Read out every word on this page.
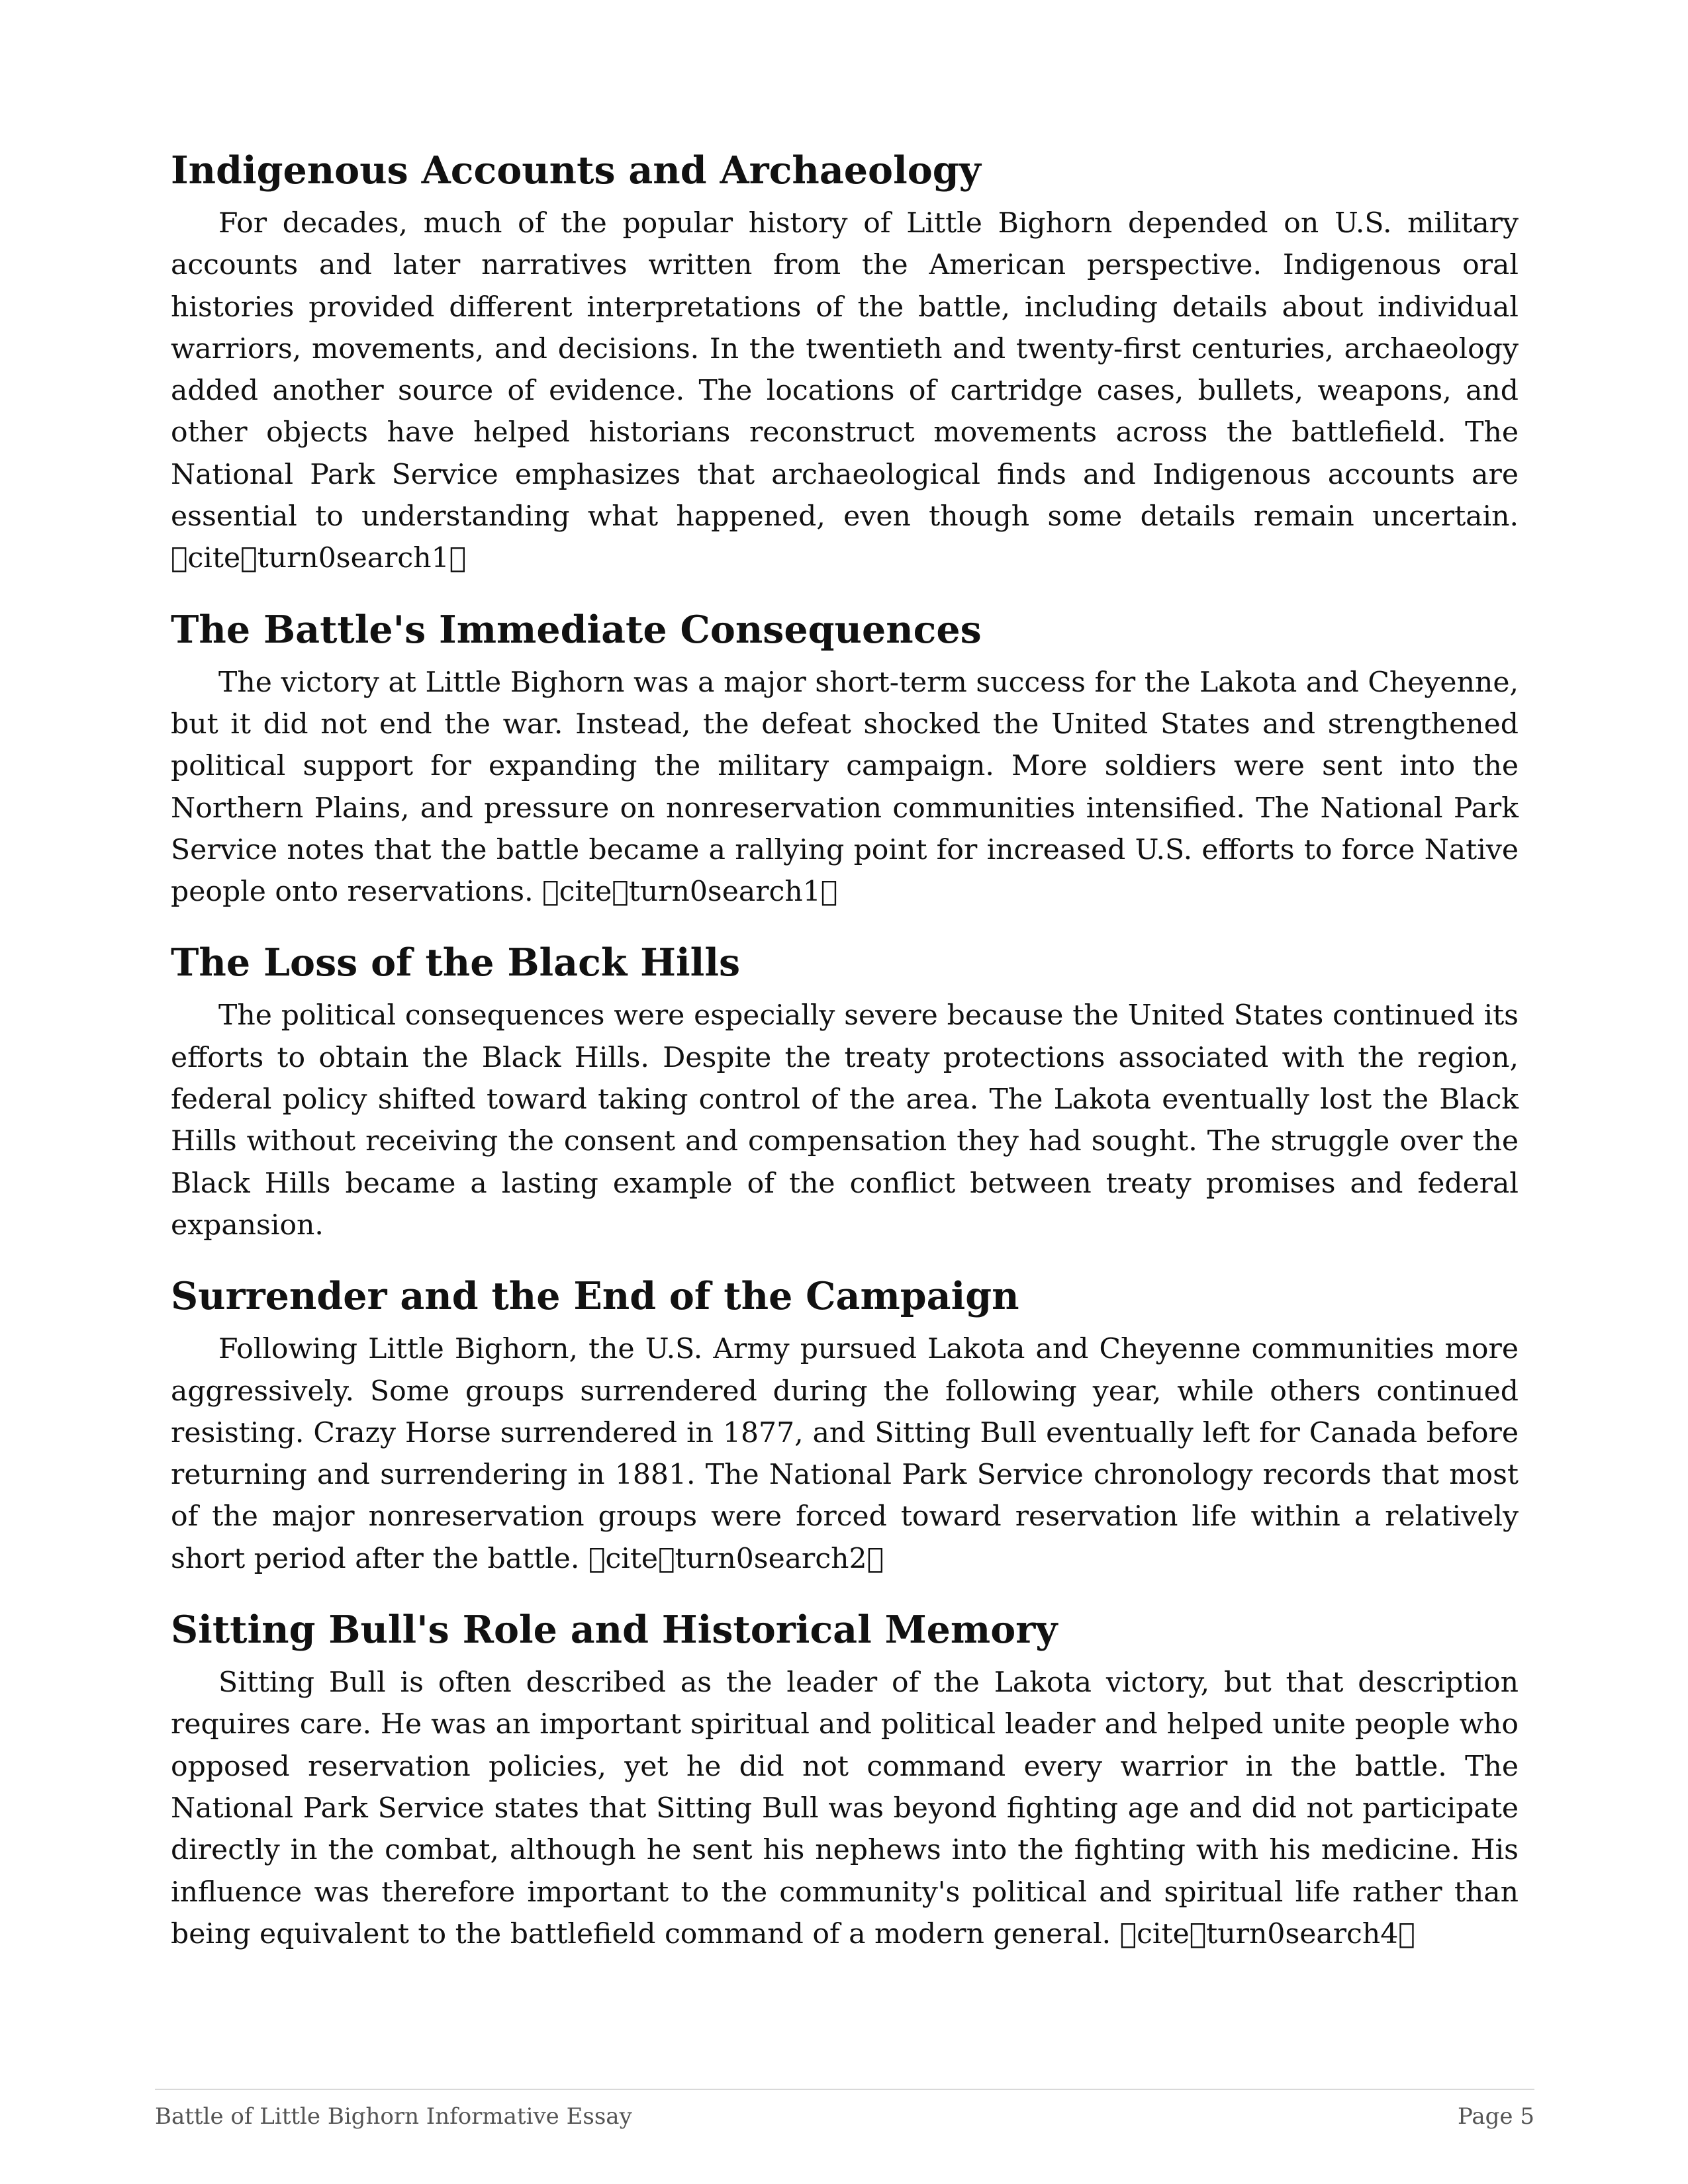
Indigenous Accounts and Archaeology

For decades, much of the popular history of Little Bighorn depended on U.S. military accounts and later narratives written from the American perspective. Indigenous oral histories provided different interpretations of the battle, including details about individual warriors, movements, and decisions. In the twentieth and twenty-first centuries, archaeology added another source of evidence. The locations of cartridge cases, bullets, weapons, and other objects have helped historians reconstruct movements across the battlefield. The National Park Service emphasizes that archaeological finds and Indigenous accounts are essential to understanding what happened, even though some details remain uncertain. cite turn0search1

The Battle's Immediate Consequences

The victory at Little Bighorn was a major short-term success for the Lakota and Cheyenne, but it did not end the war. Instead, the defeat shocked the United States and strengthened political support for expanding the military campaign. More soldiers were sent into the Northern Plains, and pressure on nonreservation communities intensified. The National Park Service notes that the battle became a rallying point for increased U.S. efforts to force Native people onto reservations. cite turn0search1

The Loss of the Black Hills

The political consequences were especially severe because the United States continued its efforts to obtain the Black Hills. Despite the treaty protections associated with the region, federal policy shifted toward taking control of the area. The Lakota eventually lost the Black Hills without receiving the consent and compensation they had sought. The struggle over the Black Hills became a lasting example of the conflict between treaty promises and federal expansion.

Surrender and the End of the Campaign

Following Little Bighorn, the U.S. Army pursued Lakota and Cheyenne communities more aggressively. Some groups surrendered during the following year, while others continued resisting. Crazy Horse surrendered in 1877, and Sitting Bull eventually left for Canada before returning and surrendering in 1881. The National Park Service chronology records that most of the major nonreservation groups were forced toward reservation life within a relatively short period after the battle. cite turn0search2

Sitting Bull's Role and Historical Memory

Sitting Bull is often described as the leader of the Lakota victory, but that description requires care. He was an important spiritual and political leader and helped unite people who opposed reservation policies, yet he did not command every warrior in the battle. The National Park Service states that Sitting Bull was beyond fighting age and did not participate directly in the combat, although he sent his nephews into the fighting with his medicine. His influence was therefore important to the community's political and spiritual life rather than being equivalent to the battlefield command of a modern general. cite turn0search4

Battle of Little Bighorn Informative Essay	Page 5
